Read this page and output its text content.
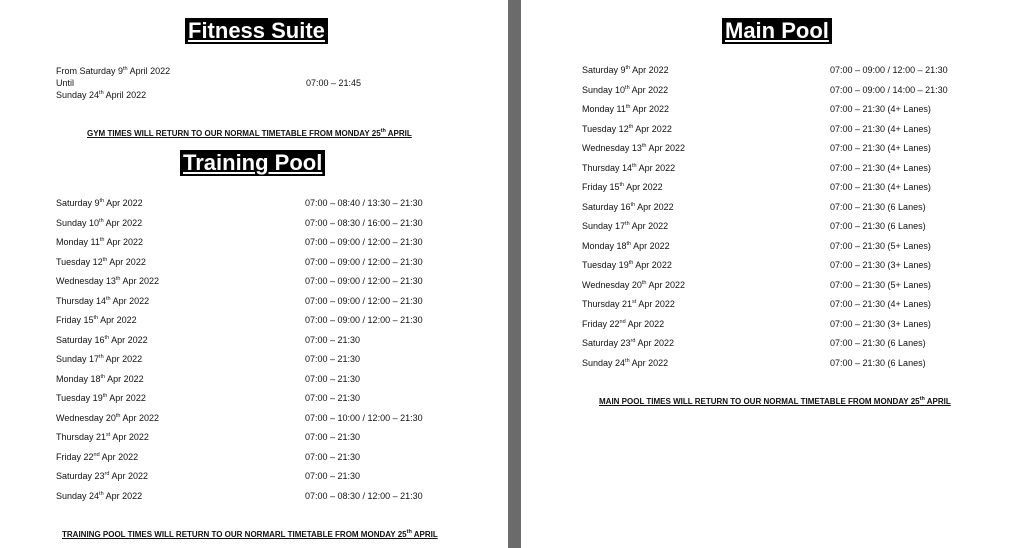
Fitness Suite
From Saturday 9th April 2022
Until
Sunday 24th April 2022
07:00 – 21:45
GYM TIMES WILL RETURN TO OUR NORMAL TIMETABLE FROM MONDAY 25th APRIL
Training Pool
Saturday 9th Apr 2022	07:00 – 08:40 / 13:30 – 21:30
Sunday 10th Apr 2022	07:00 – 08:30 / 16:00 – 21:30
Monday 11th Apr 2022	07:00 – 09:00 / 12:00 – 21:30
Tuesday 12th Apr 2022	07:00 – 09:00 / 12:00 – 21:30
Wednesday 13th Apr 2022	07:00 – 09:00 / 12:00 – 21:30
Thursday 14th Apr 2022	07:00 – 09:00 / 12:00 – 21:30
Friday 15th Apr 2022	07:00 – 09:00 / 12:00 – 21:30
Saturday 16th Apr 2022	07:00 – 21:30
Sunday 17th Apr 2022	07:00 – 21:30
Monday 18th Apr 2022	07:00 – 21:30
Tuesday 19th Apr 2022	07:00 – 21:30
Wednesday 20th Apr 2022	07:00 – 10:00 / 12:00 – 21:30
Thursday 21st Apr 2022	07:00 – 21:30
Friday 22nd Apr 2022	07:00 – 21:30
Saturday 23rd Apr 2022	07:00 – 21:30
Sunday 24th Apr 2022	07:00 – 08:30 / 12:00 – 21:30
TRAINING POOL TIMES WILL RETURN TO OUR NORMARL TIMETABLE FROM MONDAY 25th APRIL
Main Pool
Saturday 9th Apr 2022	07:00 – 09:00 / 12:00 – 21:30
Sunday 10th Apr 2022	07:00 – 09:00 / 14:00 – 21:30
Monday 11th Apr 2022	07:00 – 21:30 (4+ Lanes)
Tuesday 12th Apr 2022	07:00 – 21:30 (4+ Lanes)
Wednesday 13th Apr 2022	07:00 – 21:30 (4+ Lanes)
Thursday 14th Apr 2022	07:00 – 21:30 (4+ Lanes)
Friday 15th Apr 2022	07:00 – 21:30 (4+ Lanes)
Saturday 16th Apr 2022	07:00 – 21:30 (6 Lanes)
Sunday 17th Apr 2022	07:00 – 21:30 (6 Lanes)
Monday 18th Apr 2022	07:00 – 21:30 (5+ Lanes)
Tuesday 19th Apr 2022	07:00 – 21:30 (3+ Lanes)
Wednesday 20th Apr 2022	07:00 – 21:30 (5+ Lanes)
Thursday 21st Apr 2022	07:00 – 21:30 (4+ Lanes)
Friday 22nd Apr 2022	07:00 – 21:30 (3+ Lanes)
Saturday 23rd Apr 2022	07:00 – 21:30 (6 Lanes)
Sunday 24th Apr 2022	07:00 – 21:30 (6 Lanes)
MAIN POOL TIMES WILL RETURN TO OUR NORMAL TIMETABLE FROM MONDAY 25th APRIL
